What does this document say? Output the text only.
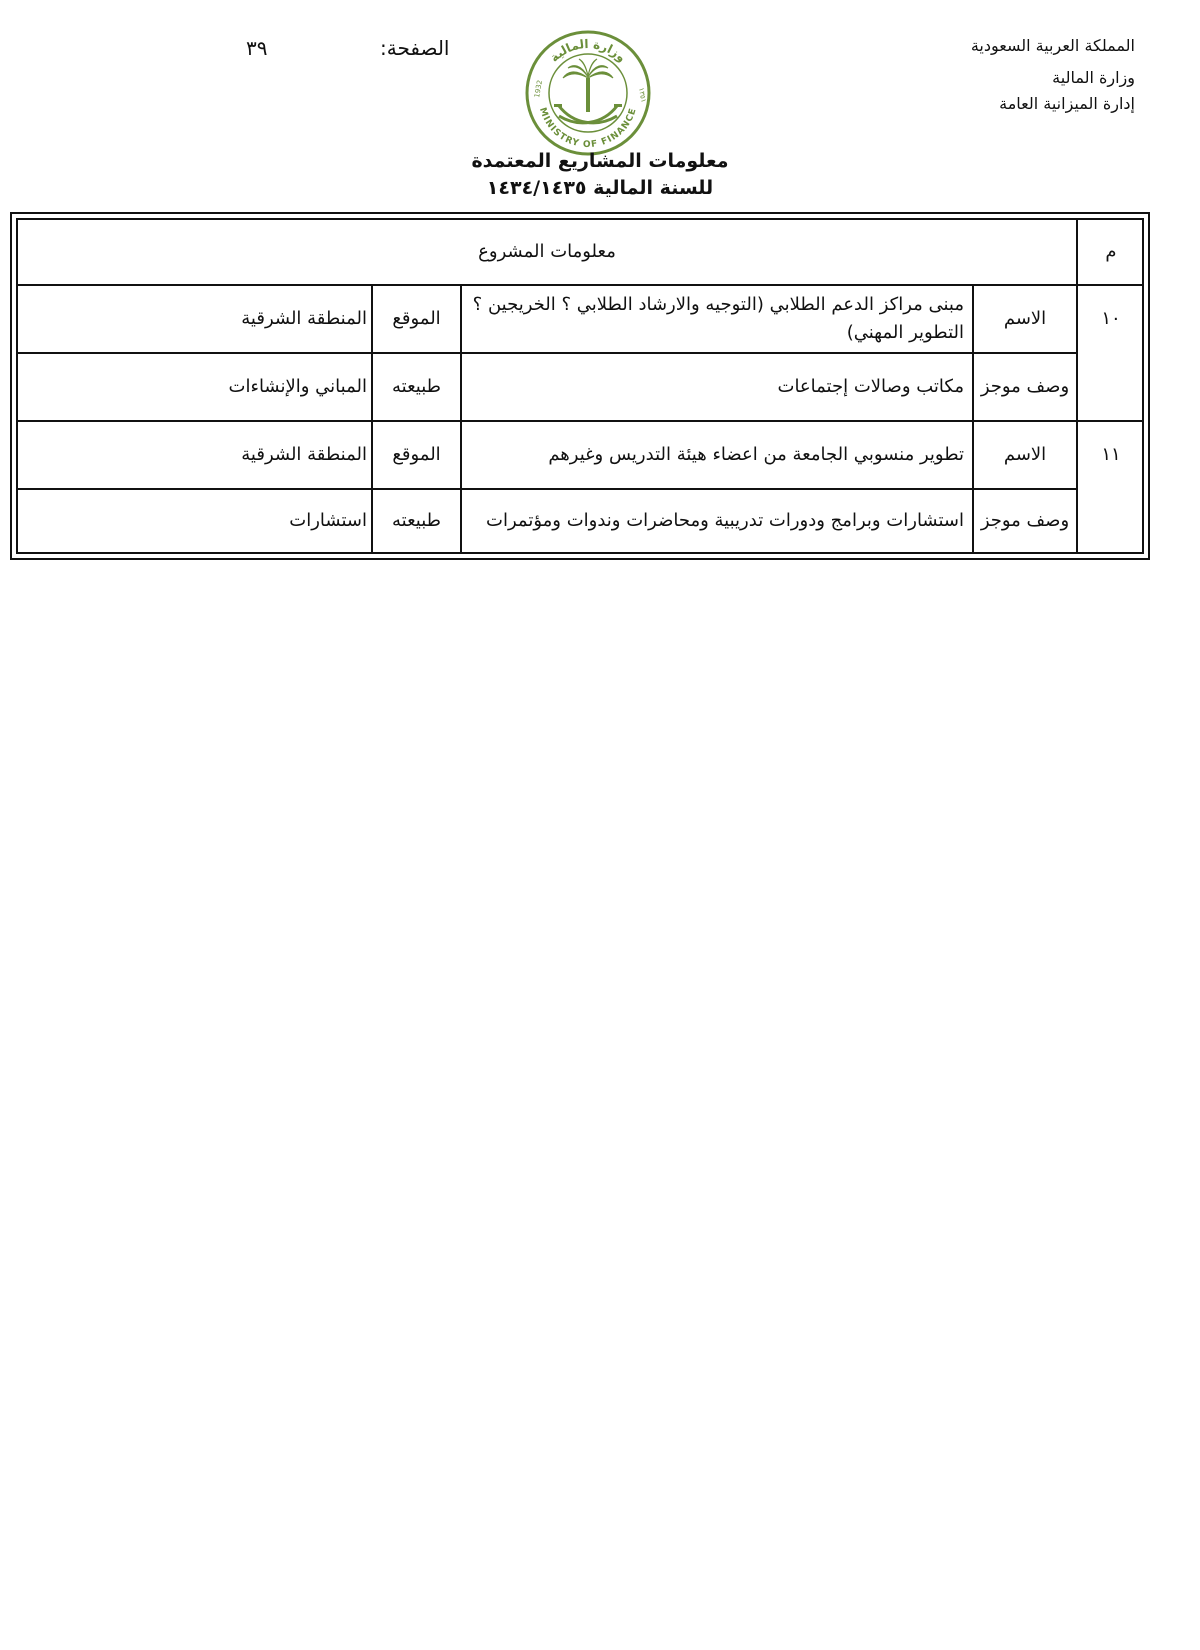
المملكة العربية السعودية
وزارة المالية
إدارة الميزانية العامة
الصفحة:
٣٩	وزارة المالية
MINISTRY OF FINANCE
1932	١٣٥١
معلومات المشاريع المعتمدة
للسنة المالية ١٤٣٤/١٤٣٥
م
معلومات المشروع
١٠
الاسم
مبنى مراكز الدعم الطلابي (التوجيه والارشاد الطلابي ؟ الخريجين ؟ التطوير المهني)
الموقع
المنطقة الشرقية
وصف موجز
مكاتب وصالات إجتماعات
طبيعته
المباني والإنشاءات
١١
الاسم
تطوير منسوبي الجامعة من اعضاء هيئة التدريس وغيرهم
الموقع
المنطقة الشرقية
وصف موجز
استشارات وبرامج ودورات تدريبية ومحاضرات وندوات ومؤتمرات
طبيعته
استشارات
